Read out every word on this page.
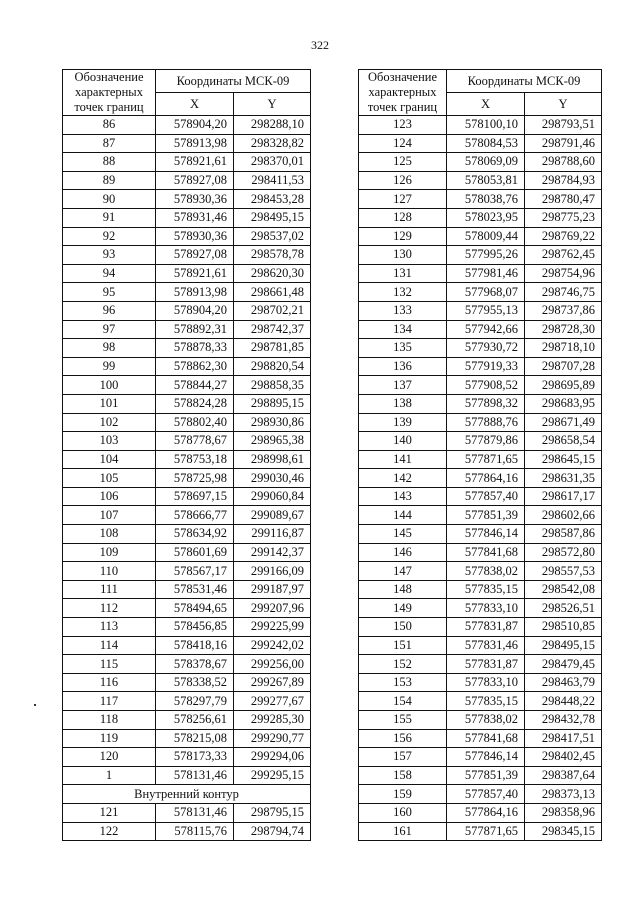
322
Обозначение характерных точек границ	Координаты МСК-09	
	X	Y
86	578904,20	298288,10
87	578913,98	298328,82
88	578921,61	298370,01
89	578927,08	298411,53
90	578930,36	298453,28
91	578931,46	298495,15
92	578930,36	298537,02
93	578927,08	298578,78
94	578921,61	298620,30
95	578913,98	298661,48
96	578904,20	298702,21
97	578892,31	298742,37
98	578878,33	298781,85
99	578862,30	298820,54
100	578844,27	298858,35
101	578824,28	298895,15
102	578802,40	298930,86
103	578778,67	298965,38
104	578753,18	298998,61
105	578725,98	299030,46
106	578697,15	299060,84
107	578666,77	299089,67
108	578634,92	299116,87
109	578601,69	299142,37
110	578567,17	299166,09
111	578531,46	299187,97
112	578494,65	299207,96
113	578456,85	299225,99
114	578418,16	299242,02
115	578378,67	299256,00
116	578338,52	299267,89
117	578297,79	299277,67
118	578256,61	299285,30
119	578215,08	299290,77
120	578173,33	299294,06
1	578131,46	299295,15
Внутренний контур		
121	578131,46	298795,15
122	578115,76	298794,74
Обозначение характерных точек границ	Координаты МСК-09	
	X	Y
123	578100,10	298793,51
124	578084,53	298791,46
125	578069,09	298788,60
126	578053,81	298784,93
127	578038,76	298780,47
128	578023,95	298775,23
129	578009,44	298769,22
130	577995,26	298762,45
131	577981,46	298754,96
132	577968,07	298746,75
133	577955,13	298737,86
134	577942,66	298728,30
135	577930,72	298718,10
136	577919,33	298707,28
137	577908,52	298695,89
138	577898,32	298683,95
139	577888,76	298671,49
140	577879,86	298658,54
141	577871,65	298645,15
142	577864,16	298631,35
143	577857,40	298617,17
144	577851,39	298602,66
145	577846,14	298587,86
146	577841,68	298572,80
147	577838,02	298557,53
148	577835,15	298542,08
149	577833,10	298526,51
150	577831,87	298510,85
151	577831,46	298495,15
152	577831,87	298479,45
153	577833,10	298463,79
154	577835,15	298448,22
155	577838,02	298432,78
156	577841,68	298417,51
157	577846,14	298402,45
158	577851,39	298387,64
159	577857,40	298373,13
160	577864,16	298358,96
161	577871,65	298345,15
